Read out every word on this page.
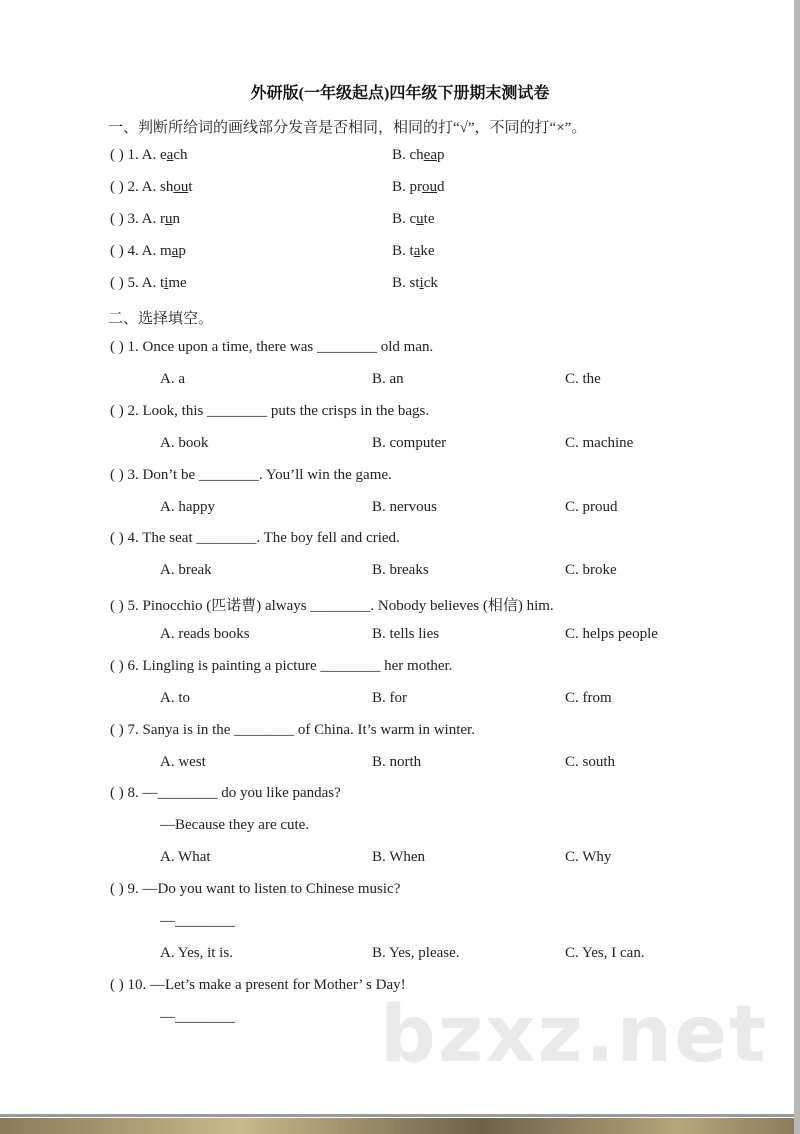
外研版(一年级起点)四年级下册期末测试卷
一、判断所给词的画线部分发音是否相同，相同的打“√”，不同的打“×”。
( ) 1. A. each	B. cheap
( ) 2. A. shout	B. proud
( ) 3. A. run	B. cute
( ) 4. A. map	B. take
( ) 5. A. time	B. stick
二、选择填空。
( ) 1. Once upon a time, there was ________ old man.
A. a	B. an	C. the
( ) 2. Look, this ________ puts the crisps in the bags.
A. book	B. computer	C. machine
( ) 3. Don’t be ________. You’ll win the game.
A. happy	B. nervous	C. proud
( ) 4. The seat ________. The boy fell and cried.
A. break	B. breaks	C. broke
( ) 5. Pinocchio (匹诺曹) always ________. Nobody believes (相信) him.
A. reads books	B. tells lies	C. helps people
( ) 6. Lingling is painting a picture ________ her mother.
A. to	B. for	C. from
( ) 7. Sanya is in the ________ of China. It’s warm in winter.
A. west	B. north	C. south
( ) 8. —________ do you like pandas?
—Because they are cute.
A. What	B. When	C. Why
( ) 9. —Do you want to listen to Chinese music?
—________
A. Yes, it is.	B. Yes, please.	C. Yes, I can.
( ) 10. —Let’s make a present for Mother’ s Day!
—________ bzxz.net
